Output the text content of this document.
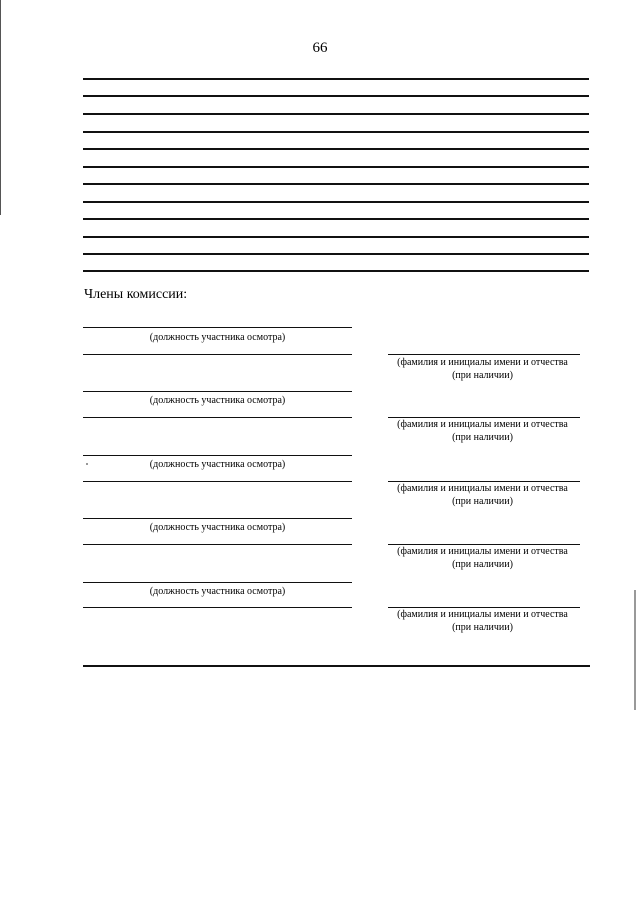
66
Члены комиссии:
(должность участника осмотра)
(фамилия и инициалы имени и отчества
(при наличии)
(должность участника осмотра)
(фамилия и инициалы имени и отчества
(при наличии)
(должность участника осмотра)
(фамилия и инициалы имени и отчества
(при наличии)
(должность участника осмотра)
(фамилия и инициалы имени и отчества
(при наличии)
(должность участника осмотра)
(фамилия и инициалы имени и отчества
(при наличии)
